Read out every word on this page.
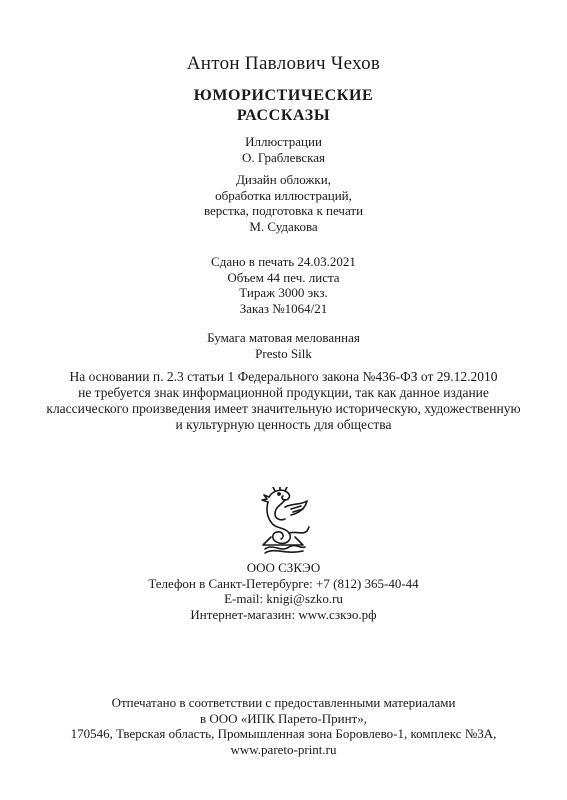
Антон Павлович Чехов
ЮМОРИСТИЧЕСКИЕ
РАССКАЗЫ
Иллюстрации
О. Граблевская
Дизайн обложки,
обработка иллюстраций,
верстка, подготовка к печати
М. Судакова
Сдано в печать 24.03.2021
Объем 44 печ. листа
Тираж 3000 экз.
Заказ №1064/21
Бумага матовая мелованная
Presto Silk
На основании п. 2.3 статьи 1 Федерального закона №436-ФЗ от 29.12.2010
не требуется знак информационной продукции, так как данное издание
классического произведения имеет значительную историческую, художественную
и культурную ценность для общества
ООО СЗКЭО
Телефон в Санкт-Петербурге: +7 (812) 365-40-44
E-mail: knigi@szko.ru
Интернет-магазин: www.сзкэо.рф
Отпечатано в соответствии с предоставленными материалами
в ООО «ИПК Парето-Принт»,
170546, Тверская область, Промышленная зона Боровлево-1, комплекс №3А,
www.pareto-print.ru
